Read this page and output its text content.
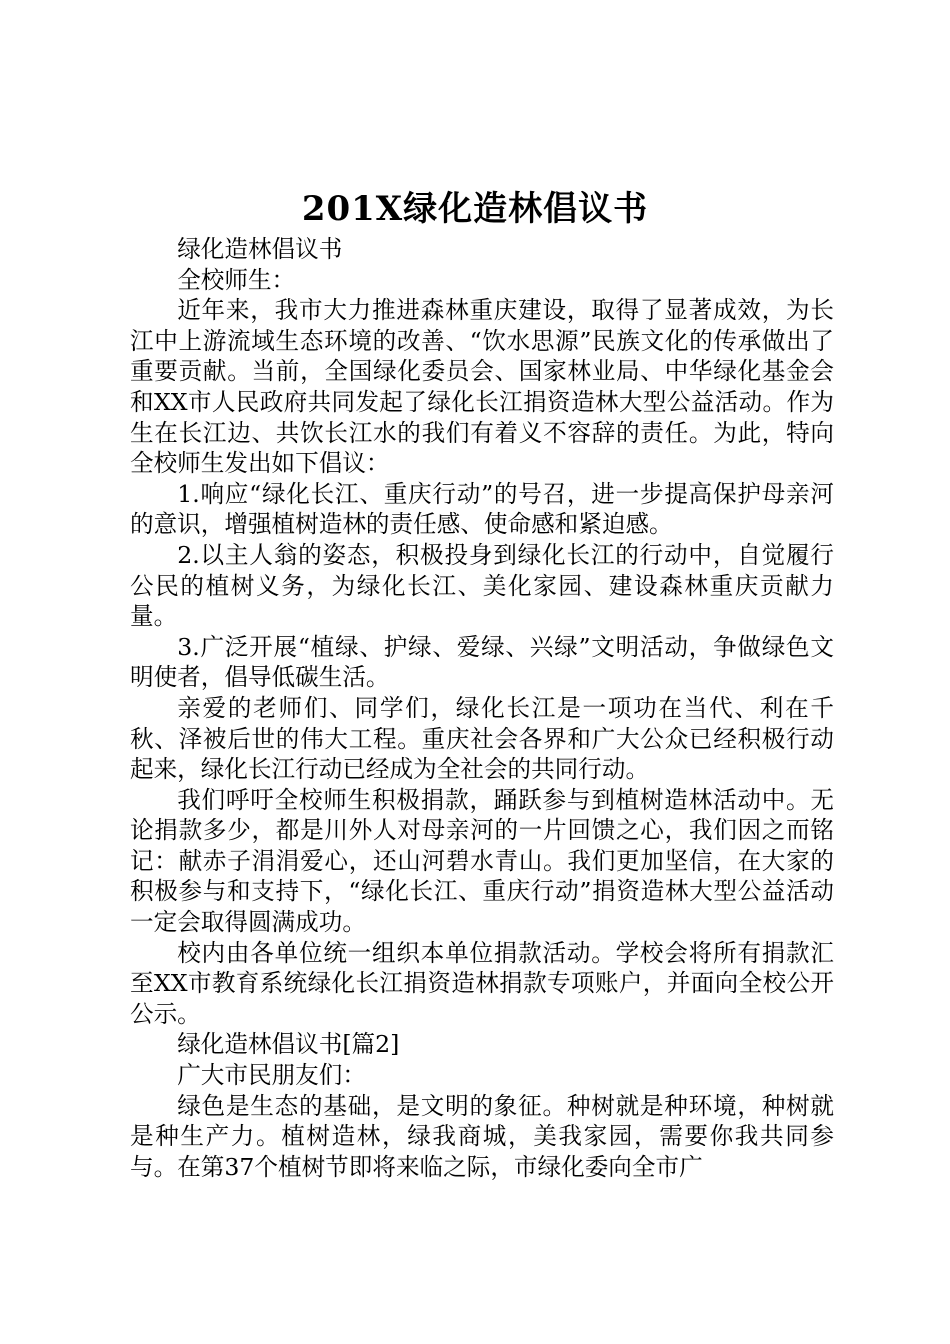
201X绿化造林倡议书

绿化造林倡议书

全校师生：

近年来，我市大力推进森林重庆建设，取得了显著成效，为长江中上游流域生态环境的改善、“饮水思源”民族文化的传承做出了重要贡献。当前，全国绿化委员会、国家林业局、中华绿化基金会和XX市人民政府共同发起了绿化长江捐资造林大型公益活动。作为生在长江边、共饮长江水的我们有着义不容辞的责任。为此，特向全校师生发出如下倡议：

1.响应“绿化长江、重庆行动”的号召，进一步提高保护母亲河的意识，增强植树造林的责任感、使命感和紧迫感。

2.以主人翁的姿态，积极投身到绿化长江的行动中，自觉履行公民的植树义务，为绿化长江、美化家园、建设森林重庆贡献力量。

3.广泛开展“植绿、护绿、爱绿、兴绿”文明活动，争做绿色文明使者，倡导低碳生活。

亲爱的老师们、同学们，绿化长江是一项功在当代、利在千秋、泽被后世的伟大工程。重庆社会各界和广大公众已经积极行动起来，绿化长江行动已经成为全社会的共同行动。

我们呼吁全校师生积极捐款，踊跃参与到植树造林活动中。无论捐款多少，都是川外人对母亲河的一片回馈之心，我们因之而铭记：献赤子涓涓爱心，还山河碧水青山。我们更加坚信，在大家的积极参与和支持下，“绿化长江、重庆行动”捐资造林大型公益活动一定会取得圆满成功。

校内由各单位统一组织本单位捐款活动。学校会将所有捐款汇至XX市教育系统绿化长江捐资造林捐款专项账户，并面向全校公开公示。

绿化造林倡议书[篇2]

广大市民朋友们：

绿色是生态的基础，是文明的象征。种树就是种环境，种树就是种生产力。植树造林，绿我商城，美我家园，需要你我共同参与。在第37个植树节即将来临之际，市绿化委向全市广
